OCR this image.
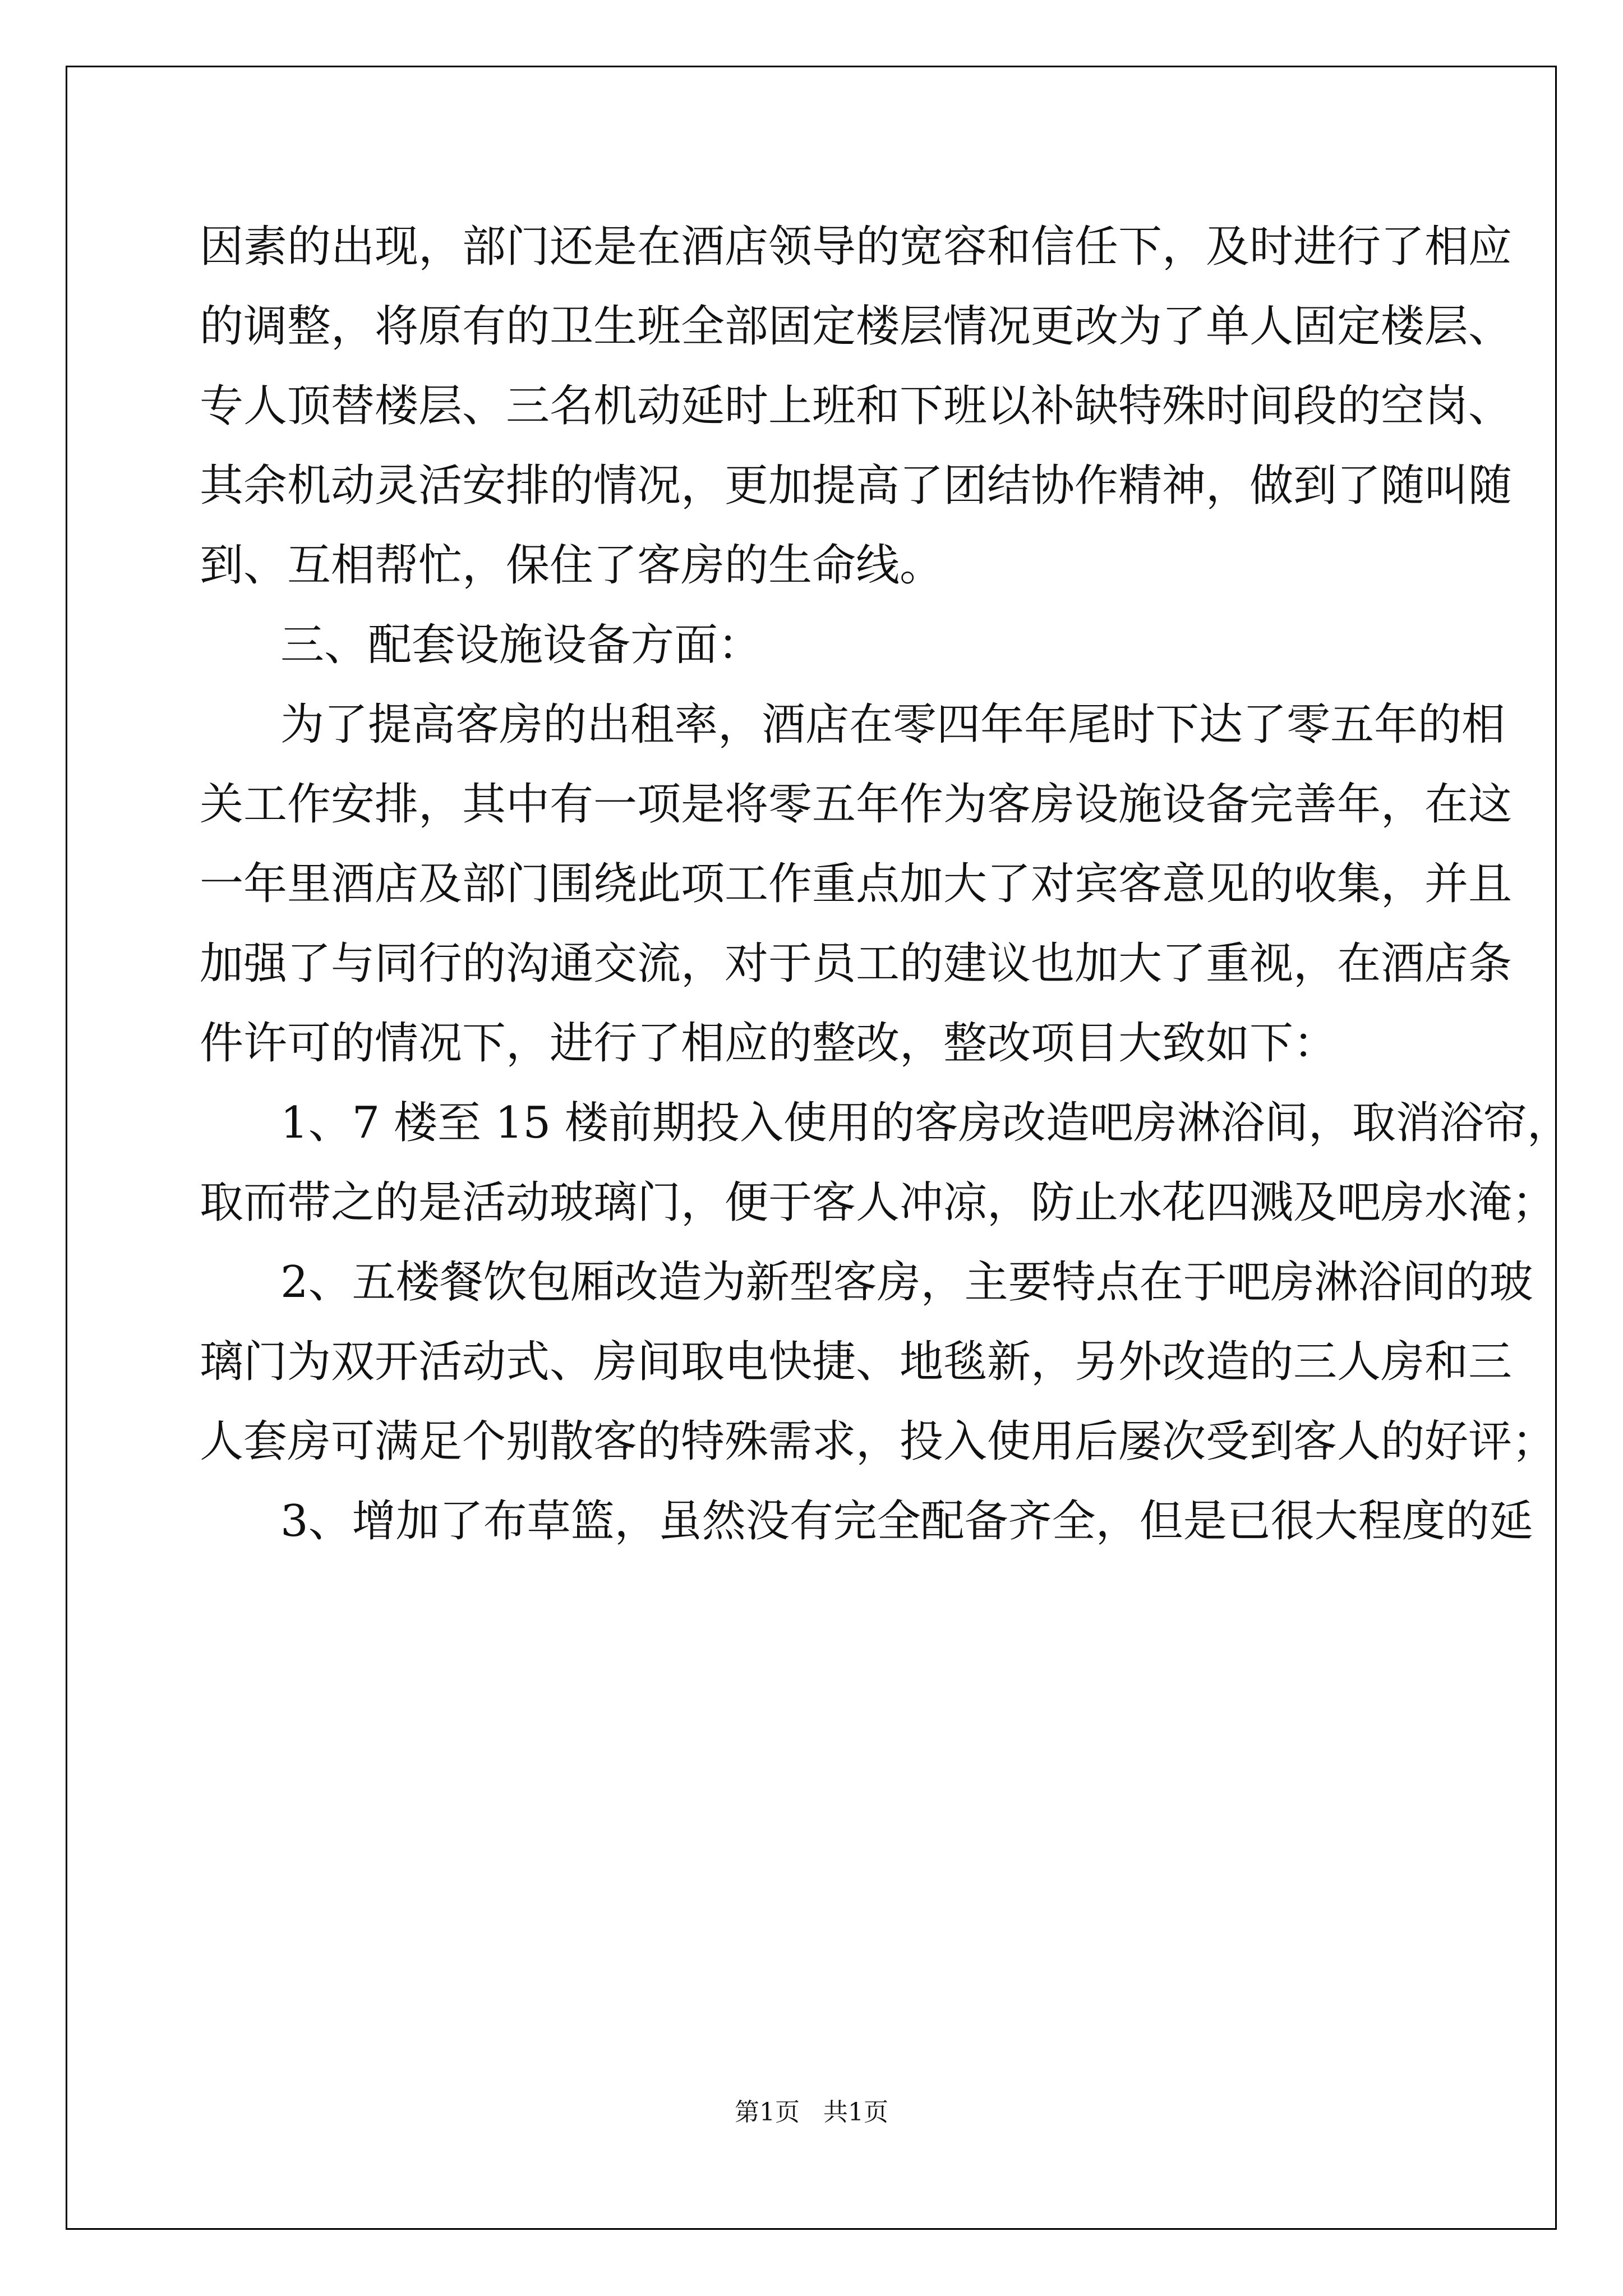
因素的出现，部门还是在酒店领导的宽容和信任下，及时进行了相应

的调整，将原有的卫生班全部固定楼层情况更改为了单人固定楼层、

专人顶替楼层、三名机动延时上班和下班以补缺特殊时间段的空岗、

其余机动灵活安排的情况，更加提高了团结协作精神，做到了随叫随

到、互相帮忙，保住了客房的生命线。

三、配套设施设备方面：

为了提高客房的出租率，酒店在零四年年尾时下达了零五年的相

关工作安排，其中有一项是将零五年作为客房设施设备完善年，在这

一年里酒店及部门围绕此项工作重点加大了对宾客意见的收集，并且

加强了与同行的沟通交流，对于员工的建议也加大了重视，在酒店条

件许可的情况下，进行了相应的整改，整改项目大致如下：

1、7 楼至 15 楼前期投入使用的客房改造吧房淋浴间，取消浴帘，

取而带之的是活动玻璃门，便于客人冲凉，防止水花四溅及吧房水淹；

2、五楼餐饮包厢改造为新型客房，主要特点在于吧房淋浴间的玻

璃门为双开活动式、房间取电快捷、地毯新，另外改造的三人房和三

人套房可满足个别散客的特殊需求，投入使用后屡次受到客人的好评；

3、增加了布草篮，虽然没有完全配备齐全，但是已很大程度的延

第1页   共1页
